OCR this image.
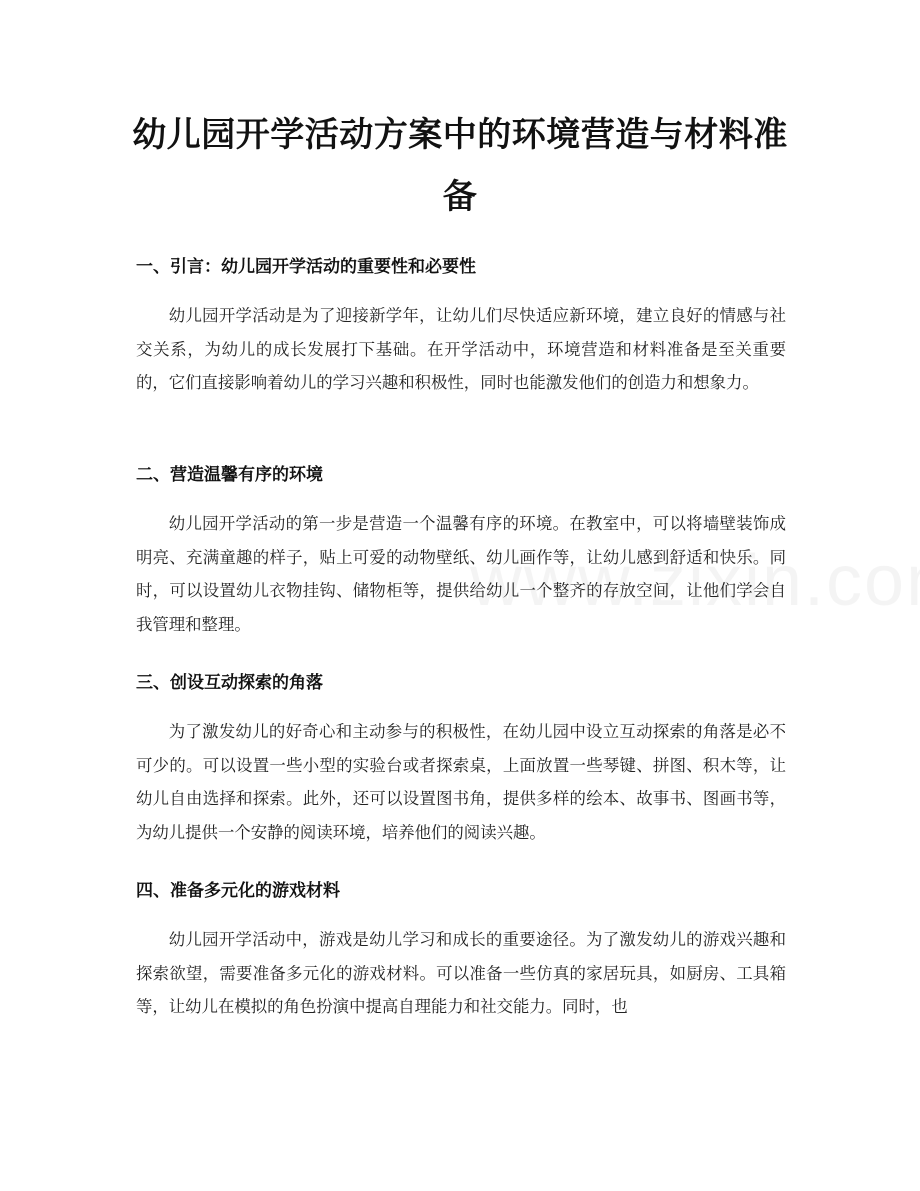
幼儿园开学活动方案中的环境营造与材料准备
一、引言：幼儿园开学活动的重要性和必要性

幼儿园开学活动是为了迎接新学年，让幼儿们尽快适应新环境，建立良好的情感与社交关系，为幼儿的成长发展打下基础。在开学活动中，环境营造和材料准备是至关重要的，它们直接影响着幼儿的学习兴趣和积极性，同时也能激发他们的创造力和想象力。

二、营造温馨有序的环境

幼儿园开学活动的第一步是营造一个温馨有序的环境。在教室中，可以将墙壁装饰成明亮、充满童趣的样子，贴上可爱的动物壁纸、幼儿画作等，让幼儿感到舒适和快乐。同时，可以设置幼儿衣物挂钩、储物柜等，提供给幼儿一个整齐的存放空间，让他们学会自我管理和整理。

三、创设互动探索的角落

为了激发幼儿的好奇心和主动参与的积极性，在幼儿园中设立互动探索的角落是必不可少的。可以设置一些小型的实验台或者探索桌，上面放置一些琴键、拼图、积木等，让幼儿自由选择和探索。此外，还可以设置图书角，提供多样的绘本、故事书、图画书等，为幼儿提供一个安静的阅读环境，培养他们的阅读兴趣。

四、准备多元化的游戏材料

幼儿园开学活动中，游戏是幼儿学习和成长的重要途径。为了激发幼儿的游戏兴趣和探索欲望，需要准备多元化的游戏材料。可以准备一些仿真的家居玩具，如厨房、工具箱等，让幼儿在模拟的角色扮演中提高自理能力和社交能力。同时，也
